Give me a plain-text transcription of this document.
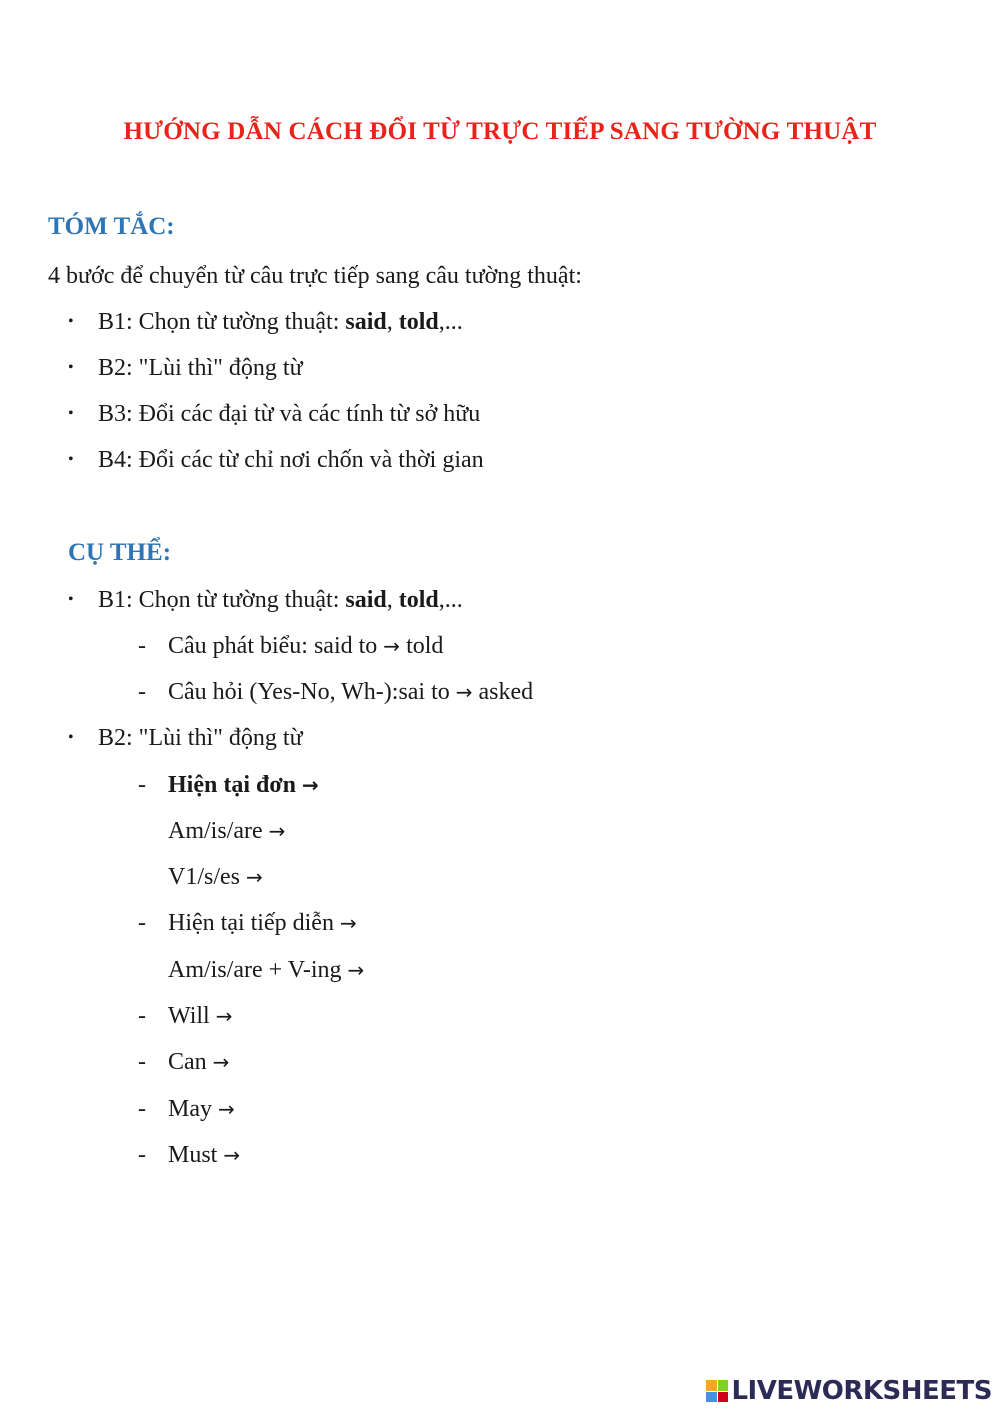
HƯỚNG DẪN CÁCH ĐỔI TỪ TRỰC TIẾP SANG TƯỜNG THUẬT
TÓM TẮC:
4 bước để chuyển từ câu trực tiếp sang câu tường thuật:
• B1: Chọn từ tường thuật: said, told,...
• B2: "Lùi thì" động từ
• B3: Đổi các đại từ và các tính từ sở hữu
• B4: Đổi các từ chỉ nơi chốn và thời gian
CỤ THỂ:
• B1: Chọn từ tường thuật: said, told,...
- Câu phát biểu: said to → told
- Câu hỏi (Yes-No, Wh-):sai to → asked
• B2: "Lùi thì" động từ
- Hiện tại đơn →
Am/is/are →
V1/s/es →
- Hiện tại tiếp diễn →
Am/is/are + V-ing →
- Will →
- Can →
- May →
- Must →
LIVEWORKSHEETS
